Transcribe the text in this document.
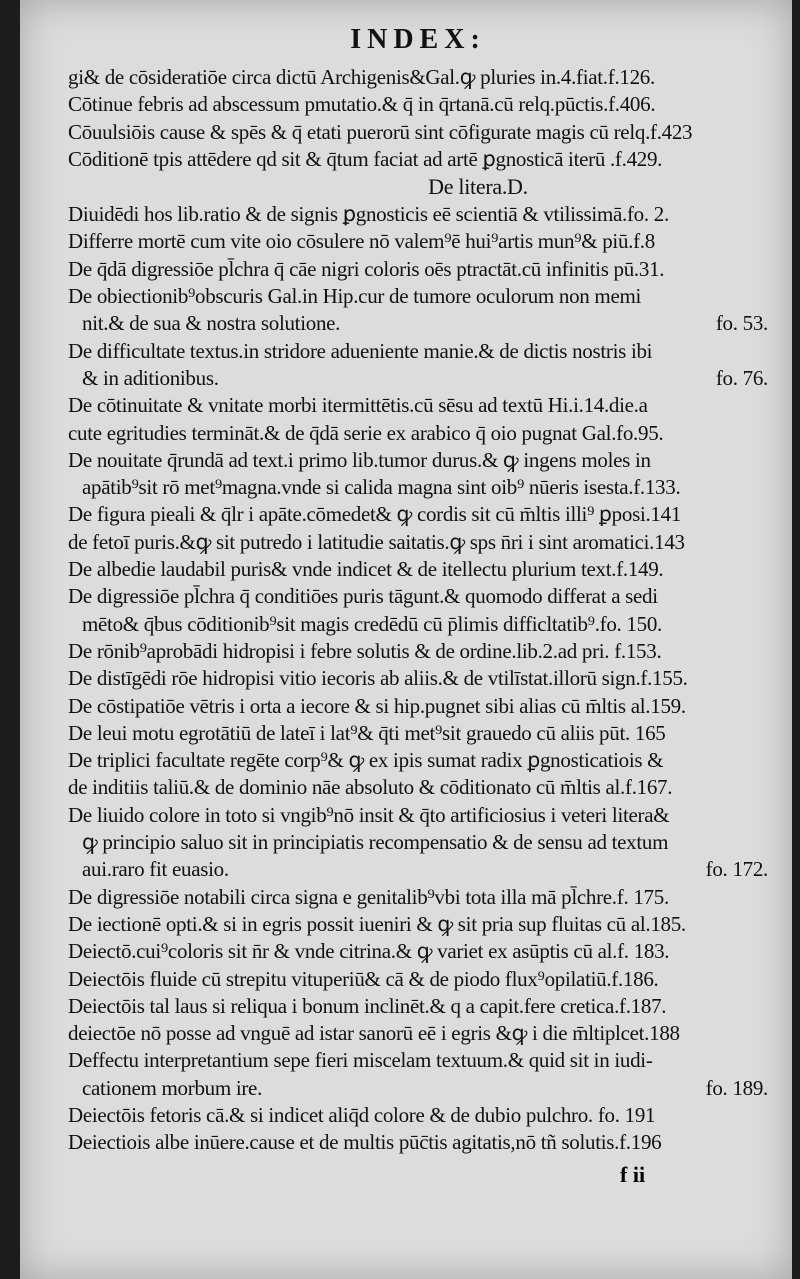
INDEX:
gi& de cōsideratiōe circa dictū Archigenis&Gal.ꝙ pluries in.4.fiat.f.126.
Cōtinue febris ad abscessum pmutatio.& q̄ in q̄rtanā.cū relq.pūctis.f.406.
Cōuulsiōis cause & spēs & q̄ etati puerorū sint cōfigurate magis cū relq.f.423
Cōditionē tpis attēdere qd sit & q̄tum faciat ad artē ꝑgnosticā iterū .f.429.
De litera.D.
Diuidēdi hos lib.ratio & de signis ꝑgnosticis eē scientiā & vtilissimā.fo. 2.
Differre mortē cum vite oio cōsulere nō valem⁹ē hui⁹artis mun⁹& piū.f.8
De q̄dā digressiōe pl̄chra q̄ cāe nigri coloris oēs ptractāt.cū infinitis pū.31.
De obiectionib⁹obscuris Gal.in Hip.cur de tumore oculorum non memi
nit.& de sua & nostra solutione.	fo. 53.
De difficultate textus.in stridore adueniente manie.& de dictis nostris ibi
& in aditionibus.	fo. 76.
De cōtinuitate & vnitate morbi itermittētis.cū sēsu ad textū Hi.i.14.die.a
cute egritudies termināt.& de q̄dā serie ex arabico q̄ oio pugnat Gal.fo.95.
De nouitate q̄rundā ad text.i primo lib.tumor durus.& ꝙ ingens moles in
apātib⁹sit rō met⁹magna.vnde si calida magna sint oib⁹ nūeris isesta.f.133.
De figura pieali & q̄lr i apāte.cōmedet& ꝙ cordis sit cū m̄ltis illi⁹ ꝑposi.141
de fetoī puris.&ꝙ sit putredo i latitudie saitatis.ꝙ sps n̄ri i sint aromatici.143
De albedie laudabil puris& vnde indicet & de itellectu plurium text.f.149.
De digressiōe pl̄chra q̄ conditiōes puris tāgunt.& quomodo differat a sedi
mēto& q̄bus cōditionib⁹sit magis credēdū cū p̄limis difficltatib⁹.fo. 150.
De rōnib⁹aprobādi hidropisi i febre solutis & de ordine.lib.2.ad pri. f.153.
De distīgēdi rōe hidropisi vitio iecoris ab aliis.& de vtilīstat.illorū sign.f.155.
De cōstipatiōe vētris i orta a iecore & si hip.pugnet sibi alias cū m̄ltis al.159.
De leui motu egrotātiū de lateī i lat⁹& q̄ti met⁹sit grauedo cū aliis pūt. 165
De triplici facultate regēte corp⁹& ꝙ ex ipis sumat radix ꝑgnosticatiois &
de inditiis taliū.& de dominio nāe absoluto & cōditionato cū m̄ltis al.f.167.
De liuido colore in toto si vngib⁹nō insit & q̄to artificiosius i veteri litera&
ꝙ principio saluo sit in principiatis recompensatio & de sensu ad textum
aui.raro fit euasio.	fo. 172.
De digressiōe notabili circa signa e genitalib⁹vbi tota illa mā pl̄chre.f. 175.
De iectionē opti.& si in egris possit iueniri & ꝙ sit pria sup fluitas cū al.185.
Deiectō.cui⁹coloris sit n̄r & vnde citrina.& ꝙ variet ex asūptis cū al.f. 183.
Deiectōis fluide cū strepitu vituperiū& cā & de piodo flux⁹opilatiū.f.186.
Deiectōis tal laus si reliqua i bonum inclinēt.& q a capit.fere cretica.f.187.
deiectōe nō posse ad vnguē ad istar sanorū eē i egris &ꝙ i die m̄ltiplcet.188
Deffectu interpretantium sepe fieri miscelam textuum.& quid sit in iudi-
cationem morbum ire.	fo. 189.
Deiectōis fetoris cā.& si indicet aliq̄d colore & de dubio pulchro. fo. 191
Deiectiois albe inūere.cause et de multis pūc̄tis agitatis,nō tñ solutis.f.196
f ii
